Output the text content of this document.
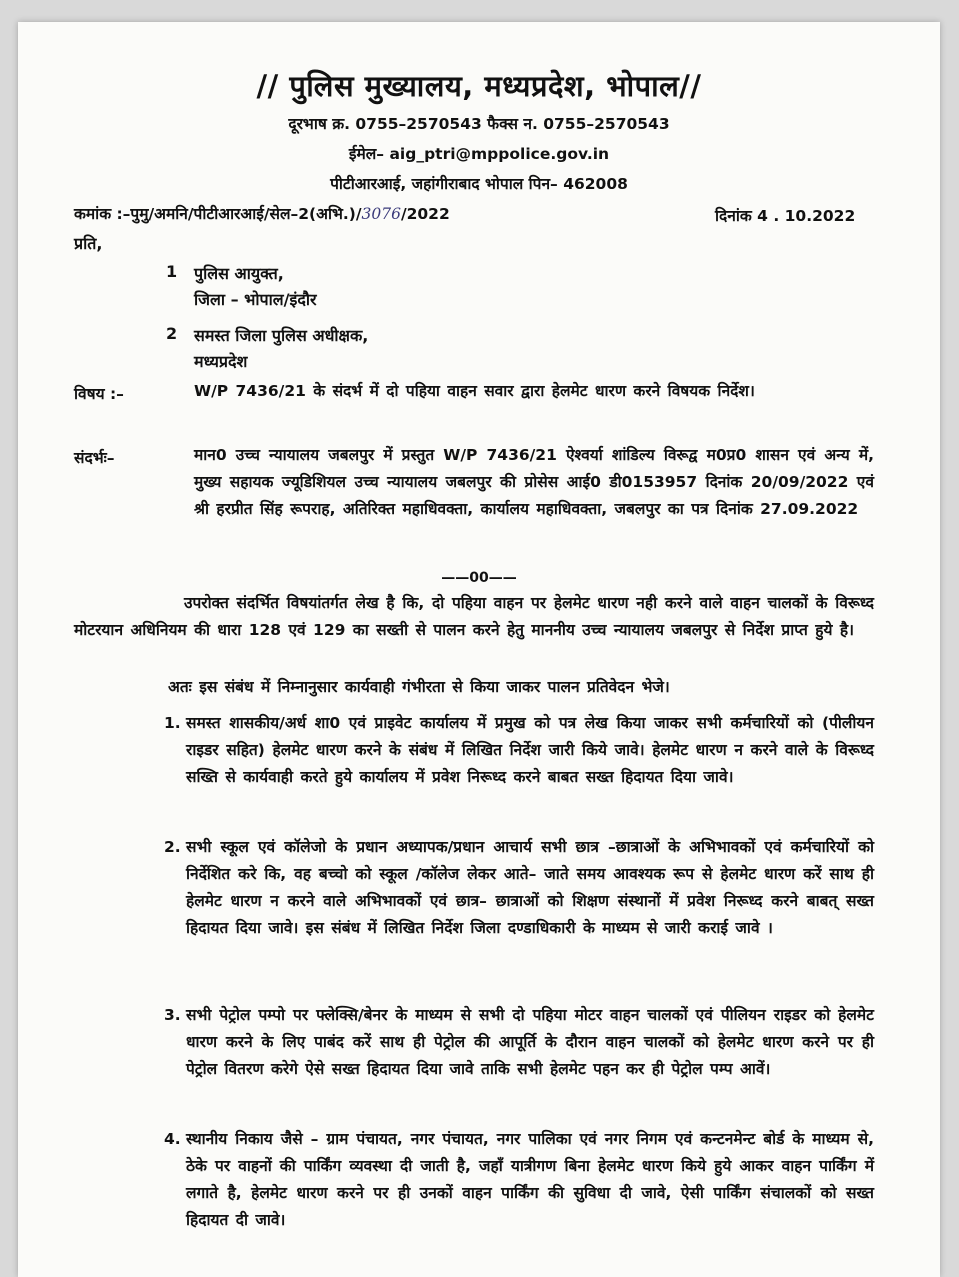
// पुलिस मुख्यालय, मध्यप्रदेश, भोपाल//
दूरभाष क्र. 0755–2570543 फैक्स न. 0755–2570543
ईमेल– aig_ptri@mppolice.gov.in
पीटीआरआई, जहांगीराबाद भोपाल पिन– 462008
कमांक :–पुमु/अमनि/पीटीआरआई/सेल–2(अभि.)/3076/2022	दिनांक 4 . 10.2022
प्रति,
1 पुलिस आयुक्त,
जिला – भोपाल/इंदौर
2 समस्त जिला पुलिस अधीक्षक,
मध्यप्रदेश
विषय :–	W/P 7436/21 के संदर्भ में दो पहिया वाहन सवार द्वारा हेलमेट धारण करने विषयक निर्देश।
संदर्भः–	मान0 उच्च न्यायालय जबलपुर में प्रस्तुत W/P 7436/21 ऐश्वर्या शांडिल्य विरूद्व म0प्र0 शासन एवं अन्य में, मुख्य सहायक ज्यूडिशियल उच्च न्यायालय जबलपुर की प्रोसेस आई0 डी0153957 दिनांक 20/09/2022 एवं श्री हरप्रीत सिंह रूपराह, अतिरिक्त महाधिवक्ता, कार्यालय महाधिवक्ता, जबलपुर का पत्र दिनांक 27.09.2022
——00——
उपरोक्त संदर्भित विषयांतर्गत लेख है कि, दो पहिया वाहन पर हेलमेट धारण नही करने वाले वाहन चालकों के विरूध्द मोटरयान अधिनियम की धारा 128 एवं 129 का सख्ती से पालन करने हेतु माननीय उच्च न्यायालय जबलपुर से निर्देश प्राप्त हुये है।
अतः इस संबंध में निम्नानुसार कार्यवाही गंभीरता से किया जाकर पालन प्रतिवेदन भेजे।
1. समस्त शासकीय/अर्ध शा0 एवं प्राइवेट कार्यालय में प्रमुख को पत्र लेख किया जाकर सभी कर्मचारियों को (पीलीयन राइडर सहित) हेलमेट धारण करने के संबंध में लिखित निर्देश जारी किये जावे। हेलमेट धारण न करने वाले के विरूध्द सख्ति से कार्यवाही करते हुये कार्यालय में प्रवेश निरूध्द करने बाबत सख्त हिदायत दिया जावे।
2. सभी स्कूल एवं कॉलेजो के प्रधान अध्यापक/प्रधान आचार्य सभी छात्र –छात्राओं के अभिभावकों एवं कर्मचारियों को निर्देशित करे कि, वह बच्चो को स्कूल /कॉलेज लेकर आते– जाते समय आवश्यक रूप से हेलमेट धारण करें साथ ही हेलमेट धारण न करने वाले अभिभावकों एवं छात्र– छात्राओं को शिक्षण संस्थानों में प्रवेश निरूध्द करने बाबत् सख्त हिदायत दिया जावे। इस संबंध में लिखित निर्देश जिला दण्डाधिकारी के माध्यम से जारी कराई जावे ।
3. सभी पेट्रोल पम्पो पर फ्लेक्सि/बेनर के माध्यम से सभी दो पहिया मोटर वाहन चालकों एवं पीलियन राइडर को हेलमेट धारण करने के लिए पाबंद करें साथ ही पेट्रोल की आपूर्ति के दौरान वाहन चालकों को हेलमेट धारण करने पर ही पेट्रोल वितरण करेगे ऐसे सख्त हिदायत दिया जावे ताकि सभी हेलमेट पहन कर ही पेट्रोल पम्प आवें।
4. स्थानीय निकाय जैसे – ग्राम पंचायत, नगर पंचायत, नगर पालिका एवं नगर निगम एवं कन्टनमेन्ट बोर्ड के माध्यम से, ठेके पर वाहनों की पार्किंग व्यवस्था दी जाती है, जहॉं यात्रीगण बिना हेलमेट धारण किये हुये आकर वाहन पार्किंग में लगाते है, हेलमेट धारण करने पर ही उनकों वाहन पार्किंग की सुविधा दी जावे, ऐसी पार्किंग संचालकों को सख्त हिदायत दी जावे।
